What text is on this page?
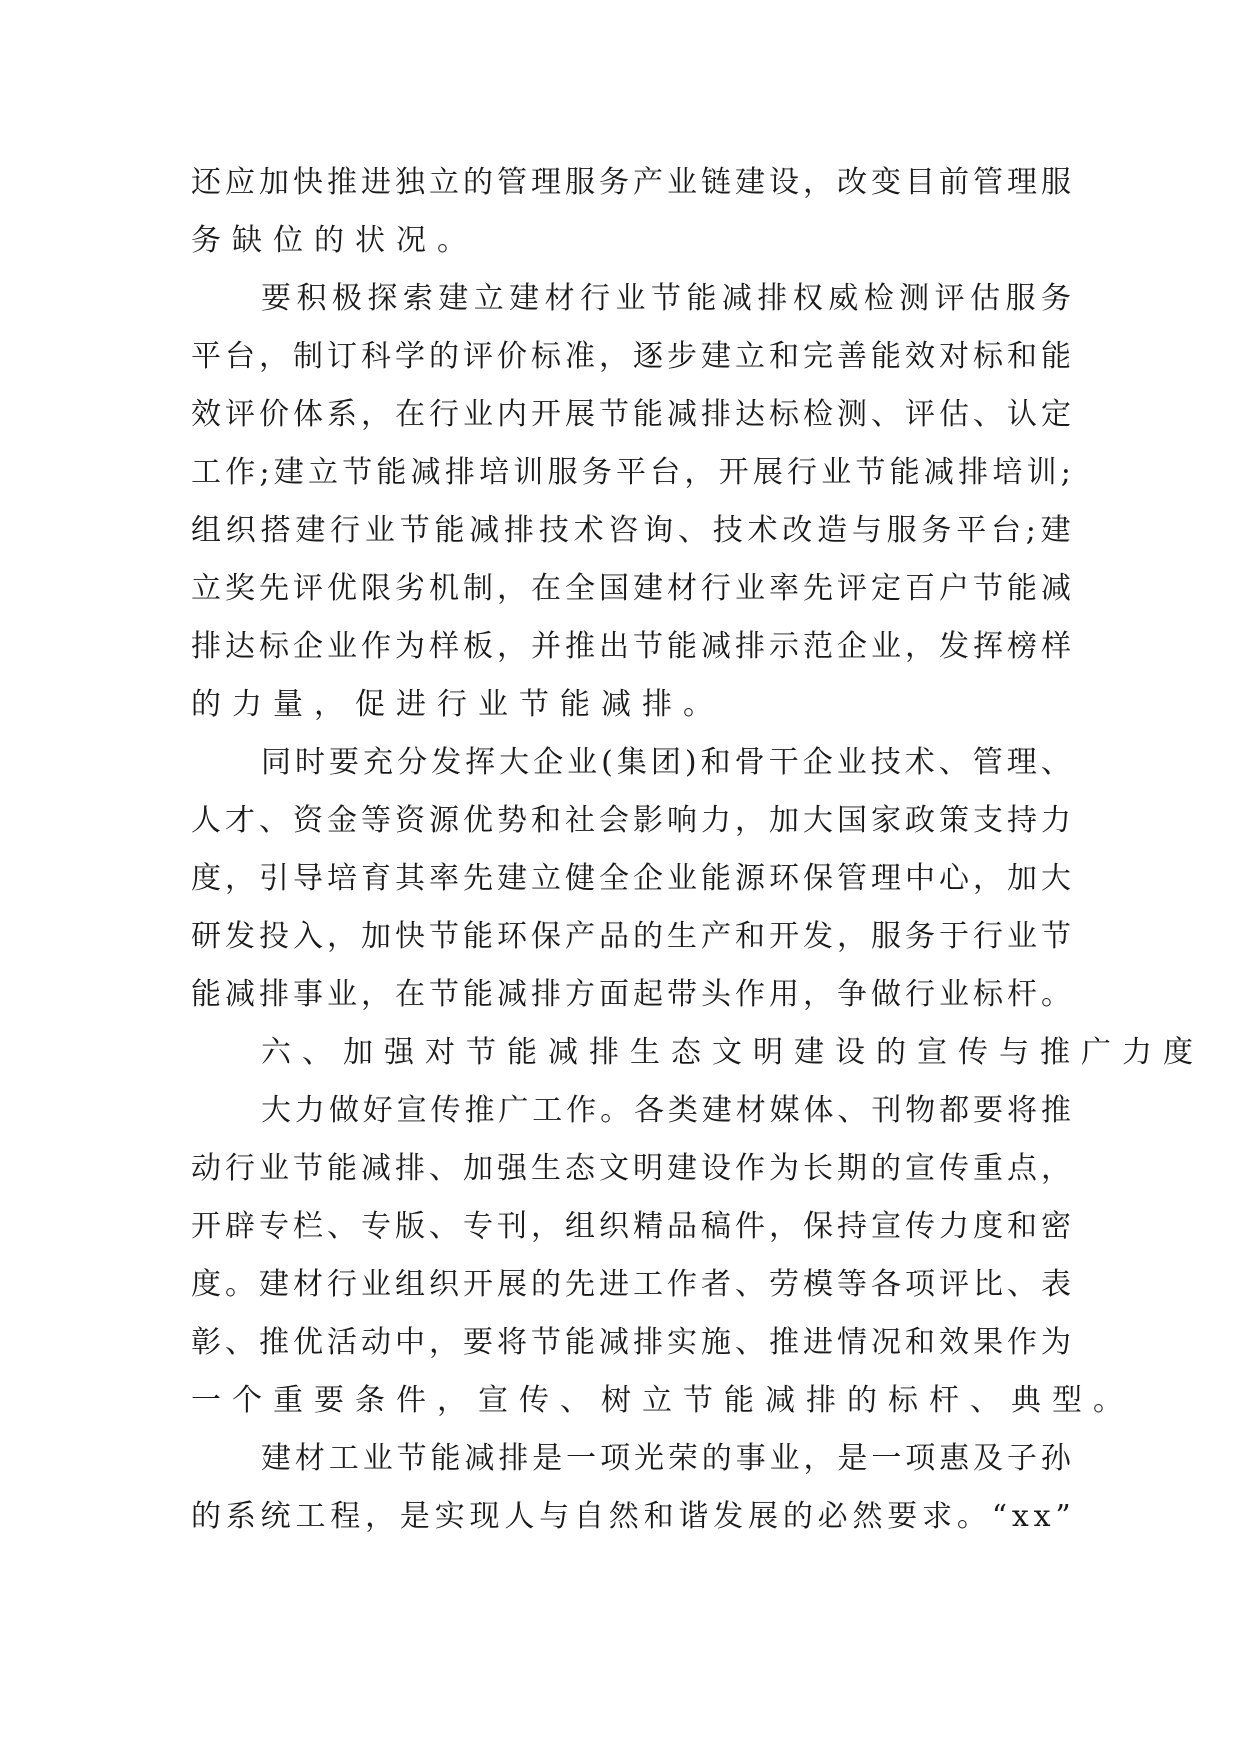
还 应 加 快 推 进 独 立 的 管 理 服 务 产 业 链 建 设 ， 改 变 目 前 管 理 服
务缺位的状况。
要 积 极 探 索 建 立 建 材 行 业 节 能 减 排 权 威 检 测 评 估 服 务
平 台 ， 制 订 科 学 的 评 价 标 准 ， 逐 步 建 立 和 完 善 能 效 对 标 和 能
效 评 价 体 系 ， 在 行 业 内 开 展 节 能 减 排 达 标 检 测 、 评 估 、 认 定
工 作 ; 建 立 节 能 减 排 培 训 服 务 平 台 ， 开 展 行 业 节 能 减 排 培 训 ;
组 织 搭 建 行 业 节 能 减 排 技 术 咨 询 、 技 术 改 造 与 服 务 平 台 ; 建
立 奖 先 评 优 限 劣 机 制 ， 在 全 国 建 材 行 业 率 先 评 定 百 户 节 能 减
排 达 标 企 业 作 为 样 板 ， 并 推 出 节 能 减 排 示 范 企 业 ， 发 挥 榜 样
的力量，促进行业节能减排。
同 时 要 充 分 发 挥 大 企 业 ( 集 团 ) 和 骨 干 企 业 技 术 、 管 理 、
人 才 、 资 金 等 资 源 优 势 和 社 会 影 响 力 ， 加 大 国 家 政 策 支 持 力
度 ， 引 导 培 育 其 率 先 建 立 健 全 企 业 能 源 环 保 管 理 中 心 ， 加 大
研 发 投 入 ， 加 快 节 能 环 保 产 品 的 生 产 和 开 发 ， 服 务 于 行 业 节
能 减 排 事 业 ， 在 节 能 减 排 方 面 起 带 头 作 用 ， 争 做 行 业 标 杆 。
六、加强对节能减排生态文明建设的宣传与推广力度
大 力 做 好 宣 传 推 广 工 作 。 各 类 建 材 媒 体 、 刊 物 都 要 将 推
动 行 业 节 能 减 排 、 加 强 生 态 文 明 建 设 作 为 长 期 的 宣 传 重 点 ，
开 辟 专 栏 、 专 版 、 专 刊 ， 组 织 精 品 稿 件 ， 保 持 宣 传 力 度 和 密
度 。 建 材 行 业 组 织 开 展 的 先 进 工 作 者 、 劳 模 等 各 项 评 比 、 表
彰 、 推 优 活 动 中 ， 要 将 节 能 减 排 实 施 、 推 进 情 况 和 效 果 作 为
一个重要条件，宣传、树立节能减排的标杆、典型。
建 材 工 业 节 能 减 排 是 一 项 光 荣 的 事 业 ， 是 一 项 惠 及 子 孙
的 系 统 工 程 ， 是 实 现 人 与 自 然 和 谐 发 展 的 必 然 要 求 。 “ x x ”
